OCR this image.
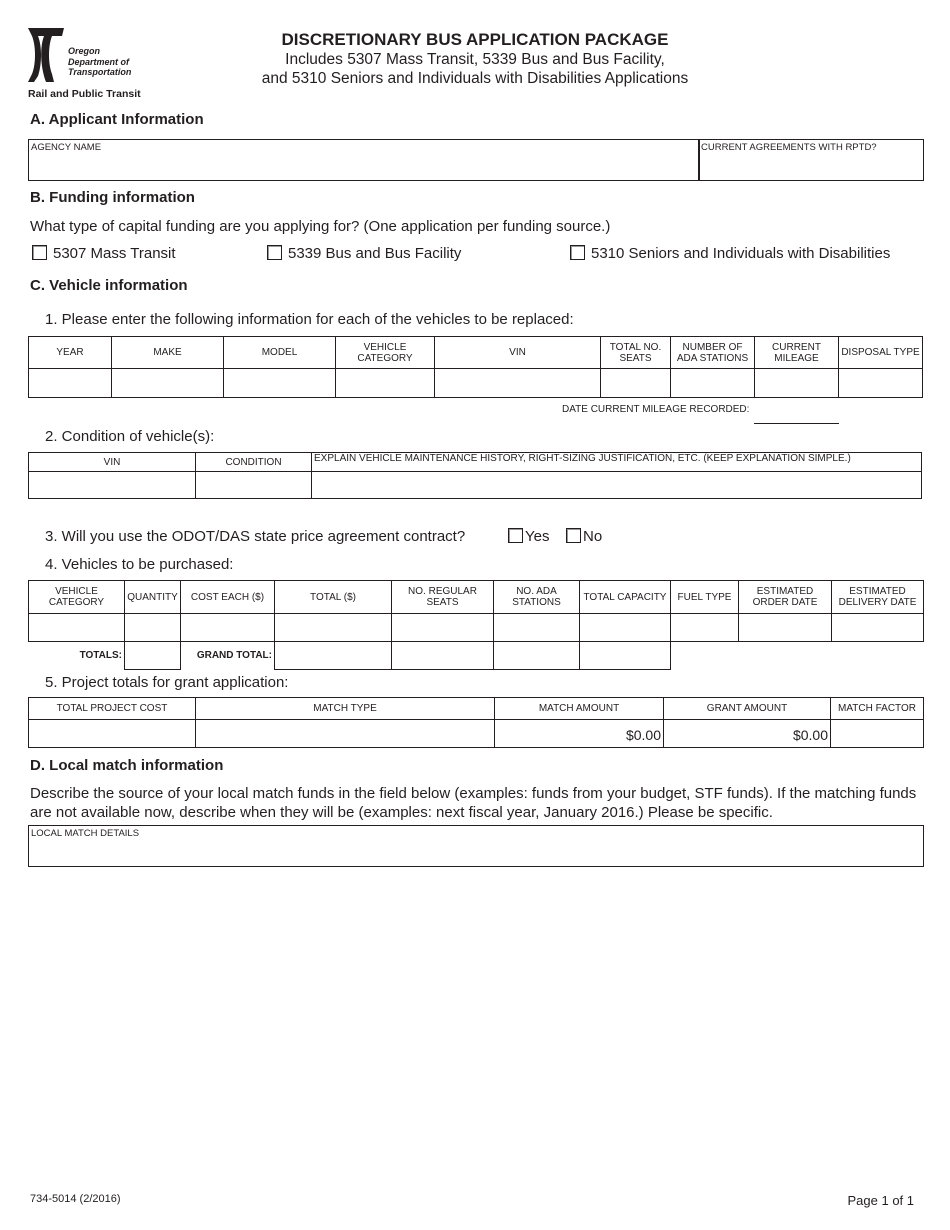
Oregon
Department of
Transportation
Rail and Public Transit
DISCRETIONARY BUS APPLICATION PACKAGE
Includes 5307 Mass Transit, 5339 Bus and Bus Facility,
and 5310 Seniors and Individuals with Disabilities Applications
A. Applicant Information
AGENCY NAME	CURRENT AGREEMENTS WITH RPTD?
B. Funding information
What type of capital funding are you applying for? (One application per funding source.)
5307 Mass Transit	5339 Bus and Bus Facility	5310 Seniors and Individuals with Disabilities
C. Vehicle information
1. Please enter the following information for each of the vehicles to be replaced:
YEAR	MAKE	MODEL	VEHICLE CATEGORY	VIN	TOTAL NO. SEATS	NUMBER OF ADA STATIONS	CURRENT MILEAGE	DISPOSAL TYPE

DATE CURRENT MILEAGE RECORDED:
2. Condition of vehicle(s):
VIN	CONDITION	EXPLAIN VEHICLE MAINTENANCE HISTORY, RIGHT-SIZING JUSTIFICATION, ETC. (KEEP EXPLANATION SIMPLE.)

3. Will you use the ODOT/DAS state price agreement contract?	Yes	No
4. Vehicles to be purchased:
VEHICLE CATEGORY	QUANTITY	COST EACH ($)	TOTAL ($)	NO. REGULAR SEATS	NO. ADA STATIONS	TOTAL CAPACITY	FUEL TYPE	ESTIMATED ORDER DATE	ESTIMATED DELIVERY DATE

TOTALS:		GRAND TOTAL:							
5. Project totals for grant application:
TOTAL PROJECT COST	MATCH TYPE	MATCH AMOUNT	GRANT AMOUNT	MATCH FACTOR
		$0.00	$0.00	
D. Local match information
Describe the source of your local match funds in the field below (examples: funds from your budget, STF funds). If the matching funds are not available now, describe when they will be (examples: next fiscal year, January 2016.) Please be specific.
LOCAL MATCH DETAILS
734-5014 (2/2016)	Page 1 of 1
